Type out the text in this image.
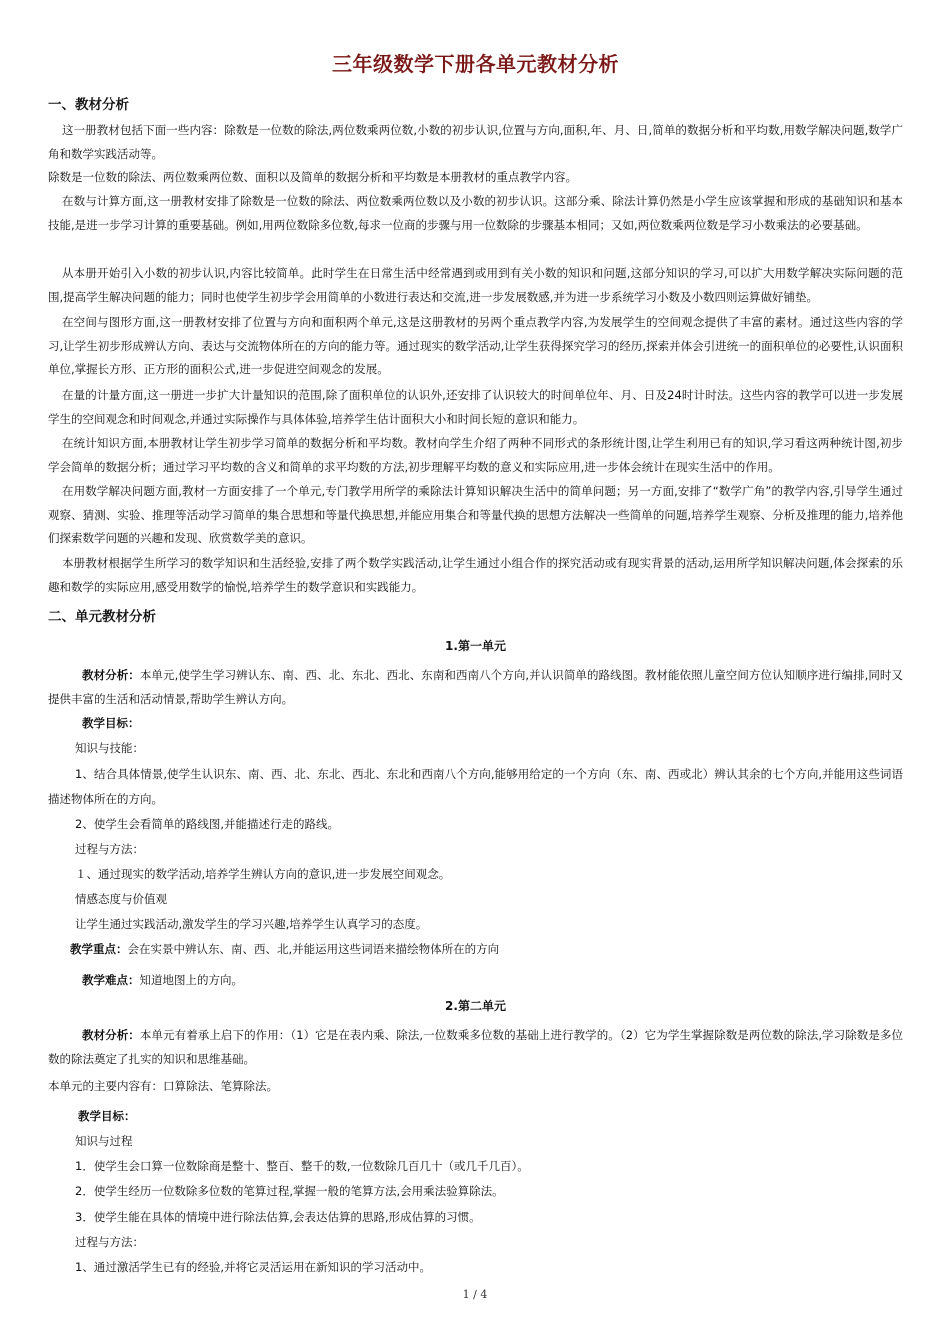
三年级数学下册各单元教材分析
一、教材分析

这一册教材包括下面一些内容：除数是一位数的除法,两位数乘两位数,小数的初步认识,位置与方向,面积,年、月、日,简单的数据分析和平均数,用数学解决问题,数学广角和数学实践活动等。

除数是一位数的除法、两位数乘两位数、面积以及简单的数据分析和平均数是本册教材的重点教学内容。

在数与计算方面,这一册教材安排了除数是一位数的除法、两位数乘两位数以及小数的初步认识。这部分乘、除法计算仍然是小学生应该掌握和形成的基础知识和基本技能,是进一步学习计算的重要基础。例如,用两位数除多位数,每求一位商的步骤与用一位数除的步骤基本相同；又如,两位数乘两位数是学习小数乘法的必要基础。

从本册开始引入小数的初步认识,内容比较简单。此时学生在日常生活中经常遇到或用到有关小数的知识和问题,这部分知识的学习,可以扩大用数学解决实际问题的范围,提高学生解决问题的能力；同时也使学生初步学会用简单的小数进行表达和交流,进一步发展数感,并为进一步系统学习小数及小数四则运算做好铺垫。

在空间与图形方面,这一册教材安排了位置与方向和面积两个单元,这是这册教材的另两个重点教学内容,为发展学生的空间观念提供了丰富的素材。通过这些内容的学习,让学生初步形成辨认方向、表达与交流物体所在的方向的能力等。通过现实的数学活动,让学生获得探究学习的经历,探索并体会引进统一的面积单位的必要性,认识面积单位,掌握长方形、正方形的面积公式,进一步促进空间观念的发展。

在量的计量方面,这一册进一步扩大计量知识的范围,除了面积单位的认识外,还安排了认识较大的时间单位年、月、日及24时计时法。这些内容的教学可以进一步发展学生的空间观念和时间观念,并通过实际操作与具体体验,培养学生估计面积大小和时间长短的意识和能力。

在统计知识方面,本册教材让学生初步学习简单的数据分析和平均数。教材向学生介绍了两种不同形式的条形统计图,让学生利用已有的知识,学习看这两种统计图,初步学会简单的数据分析；通过学习平均数的含义和简单的求平均数的方法,初步理解平均数的意义和实际应用,进一步体会统计在现实生活中的作用。

在用数学解决问题方面,教材一方面安排了一个单元,专门教学用所学的乘除法计算知识解决生活中的简单问题；另一方面,安排了“数学广角”的教学内容,引导学生通过观察、猜测、实验、推理等活动学习简单的集合思想和等量代换思想,并能应用集合和等量代换的思想方法解决一些简单的问题,培养学生观察、分析及推理的能力,培养他们探索数学问题的兴趣和发现、欣赏数学美的意识。

本册教材根据学生所学习的数学知识和生活经验,安排了两个数学实践活动,让学生通过小组合作的探究活动或有现实背景的活动,运用所学知识解决问题,体会探索的乐趣和数学的实际应用,感受用数学的愉悦,培养学生的数学意识和实践能力。

二、单元教材分析
1.第一单元

教材分析：本单元,使学生学习辨认东、南、西、北、东北、西北、东南和西南八个方向,并认识简单的路线图。教材能依照儿童空间方位认知顺序进行编排,同时又提供丰富的生活和活动情景,帮助学生辨认方向。

教学目标：
知识与技能：

1、结合具体情景,使学生认识东、南、西、北、东北、西北、东北和西南八个方向,能够用给定的一个方向（东、南、西或北）辨认其余的七个方向,并能用这些词语描述物体所在的方向。

2、使学生会看简单的路线图,并能描述行走的路线。
过程与方法：
１、通过现实的数学活动,培养学生辨认方向的意识,进一步发展空间观念。
情感态度与价值观
让学生通过实践活动,激发学生的学习兴趣,培养学生认真学习的态度。
教学重点：会在实景中辨认东、南、西、北,并能运用这些词语来描绘物体所在的方向
教学难点：知道地图上的方向。
2.第二单元

教材分析：本单元有着承上启下的作用：（1）它是在表内乘、除法,一位数乘多位数的基础上进行教学的。（2）它为学生掌握除数是两位数的除法,学习除数是多位数的除法奠定了扎实的知识和思维基础。

本单元的主要内容有：口算除法、笔算除法。
教学目标：
知识与过程
1．使学生会口算一位数除商是整十、整百、整千的数,一位数除几百几十（或几千几百）。
2．使学生经历一位数除多位数的笔算过程,掌握一般的笔算方法,会用乘法验算除法。
3．使学生能在具体的情境中进行除法估算,会表达估算的思路,形成估算的习惯。
过程与方法：
1、通过激活学生已有的经验,并将它灵活运用在新知识的学习活动中。
1 / 4
